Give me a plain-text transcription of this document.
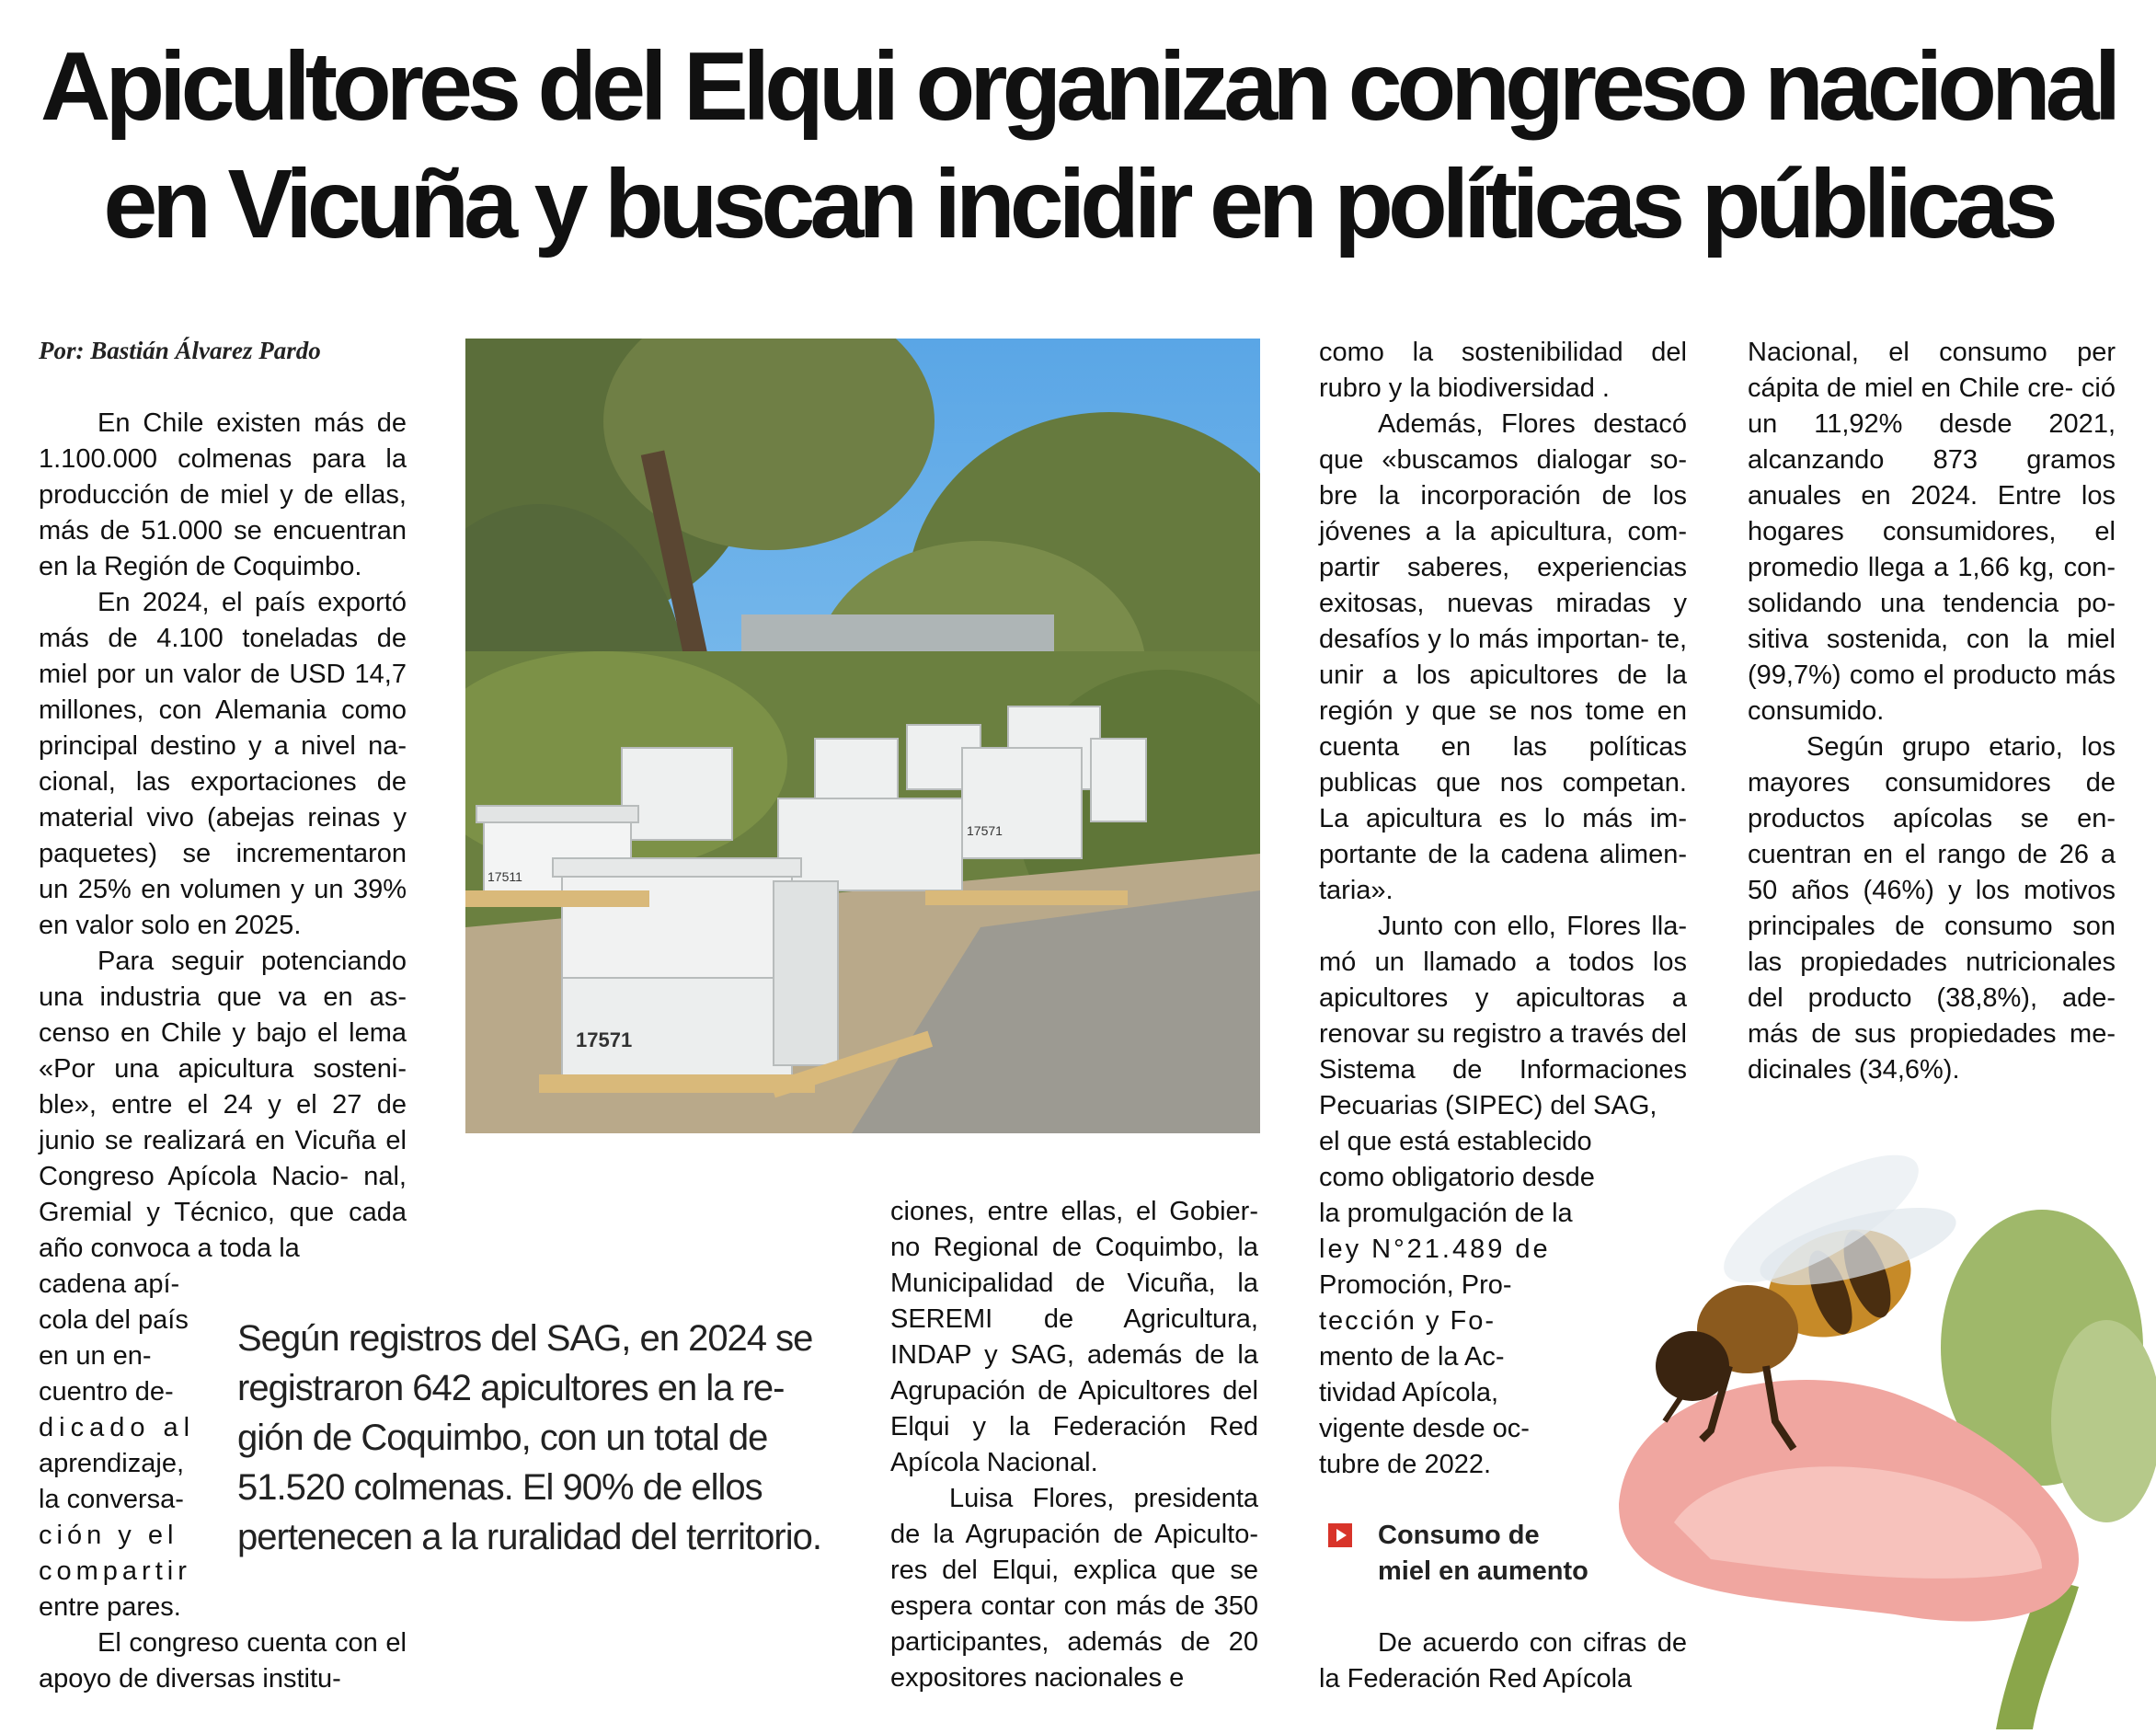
Apicultores del Elqui organizan congreso nacional
en Vicuña y buscan incidir en políticas públicas
Por: Bastián Álvarez Pardo

En Chile existen más de 1.100.000 colmenas para la producción de miel y de ellas, más de 51.000 se encuentran en la Región de Coquimbo.

En 2024, el país exportó más de 4.100 toneladas de miel por un valor de USD 14,7 millones, con Alemania como principal destino y a nivel na- cional, las exportaciones de material vivo (abejas reinas y paquetes) se incrementaron un 25% en volumen y un 39% en valor solo en 2025.

Para seguir potenciando una industria que va en as- censo en Chile y bajo el lema «Por una apicultura sosteni- ble», entre el 24 y el 27 de junio se realizará en Vicuña el Congreso Apícola Nacio- nal, Gremial y Técnico, que cada año convoca a toda la

cadena apí-
cola del país
en un en-
cuentro de-
dicado al
aprendizaje,
la conversa-
ción y el
compartir
entre pares.

El congreso cuenta con el apoyo de diversas institu-

17511
17571
17571
Según registros del SAG, en 2024 se
registraron 642 apicultores en la re-
gión de Coquimbo, con un total de
51.520 colmenas. El 90% de ellos
pertenecen a la ruralidad del territorio.

ciones, entre ellas, el Gobier- no Regional de Coquimbo, la Municipalidad de Vicuña, la SEREMI de Agricultura, INDAP y SAG, además de la Agrupación de Apicultores del Elqui y la Federación Red Apícola Nacional.

Luisa Flores, presidenta de la Agrupación de Apiculto- res del Elqui, explica que se espera contar con más de 350 participantes, además de 20 expositores nacionales e

como la sostenibilidad del rubro y la biodiversidad .

Además, Flores destacó que «buscamos dialogar so- bre la incorporación de los jóvenes a la apicultura, com- partir saberes, experiencias exitosas, nuevas miradas y desafíos y lo más importan- te, unir a los apicultores de la región y que se nos tome en cuenta en las políticas publicas que nos competan. La apicultura es lo más im- portante de la cadena alimen- taria».

Junto con ello, Flores lla- mó un llamado a todos los apicultores y apicultoras a renovar su registro a través del Sistema de Informaciones Pecuarias (SIPEC) del SAG,

el que está establecido
como obligatorio desde
la promulgación de la
ley N°21.489 de
Promoción, Pro-
tección y Fo-
mento de la Ac-
tividad Apícola,
vigente desde oc-
tubre de 2022.
Consumo de
miel en aumento

De acuerdo con cifras de la Federación Red Apícola

Nacional, el consumo per cápita de miel en Chile cre- ció un 11,92% desde 2021, alcanzando 873 gramos anuales en 2024. Entre los hogares consumidores, el promedio llega a 1,66 kg, con- solidando una tendencia po- sitiva sostenida, con la miel (99,7%) como el producto más consumido.

Según grupo etario, los mayores consumidores de productos apícolas se en- cuentran en el rango de 26 a 50 años (46%) y los motivos principales de consumo son las propiedades nutricionales del producto (38,8%), ade- más de sus propiedades me- dicinales (34,6%).
